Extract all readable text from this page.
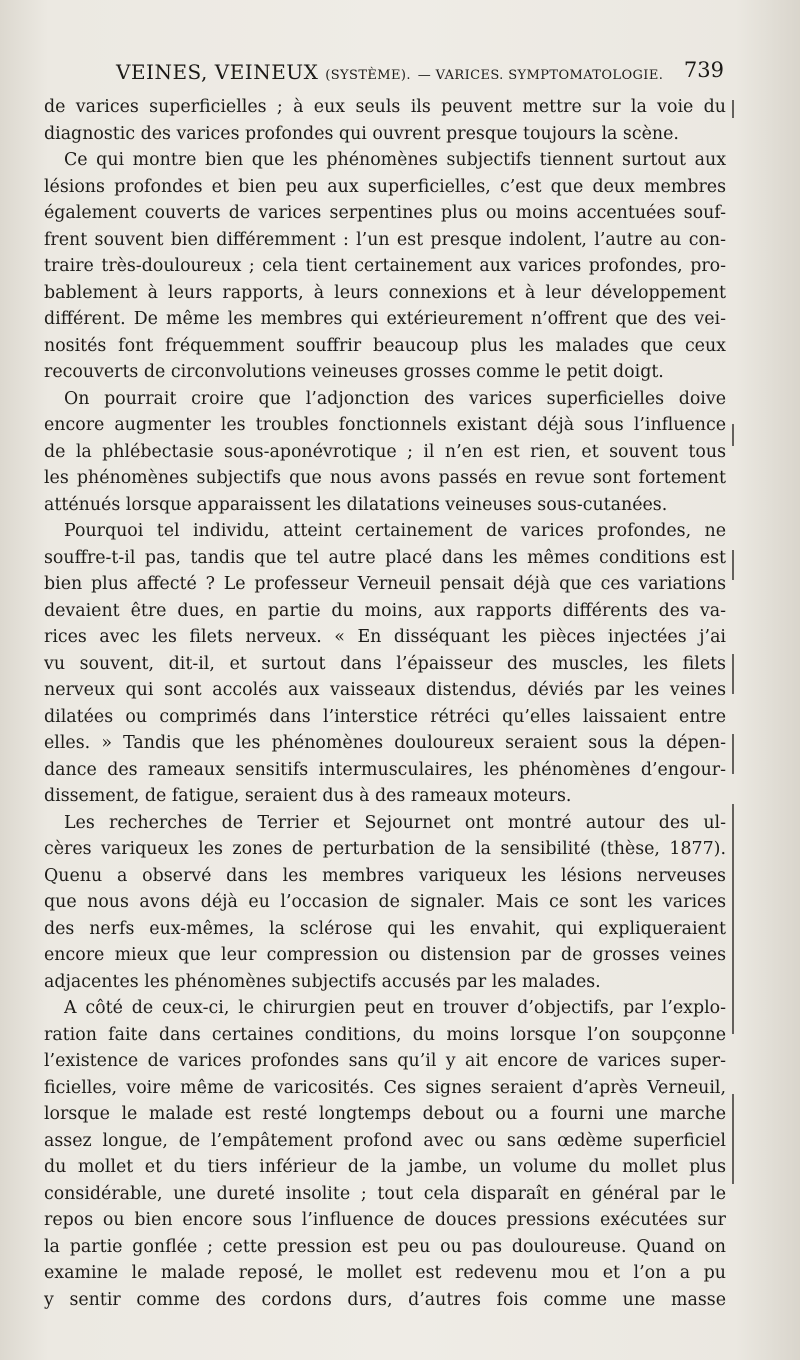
VEINES, VEINEUX (SYSTÈME). — VARICES. SYMPTOMATOLOGIE. 739
de varices superficielles ; à eux seuls ils peuvent mettre sur la voie du
diagnostic des varices profondes qui ouvrent presque toujours la scène.
Ce qui montre bien que les phénomènes subjectifs tiennent surtout aux
lésions profondes et bien peu aux superficielles, c’est que deux membres
également couverts de varices serpentines plus ou moins accentuées souf-
frent souvent bien différemment : l’un est presque indolent, l’autre au con-
traire très-douloureux ; cela tient certainement aux varices profondes, pro-
bablement à leurs rapports, à leurs connexions et à leur développement
différent. De même les membres qui extérieurement n’offrent que des vei-
nosités font fréquemment souffrir beaucoup plus les malades que ceux
recouverts de circonvolutions veineuses grosses comme le petit doigt.
On pourrait croire que l’adjonction des varices superficielles doive
encore augmenter les troubles fonctionnels existant déjà sous l’influence
de la phlébectasie sous-aponévrotique ; il n’en est rien, et souvent tous
les phénomènes subjectifs que nous avons passés en revue sont fortement
atténués lorsque apparaissent les dilatations veineuses sous-cutanées.
Pourquoi tel individu, atteint certainement de varices profondes, ne
souffre-t-il pas, tandis que tel autre placé dans les mêmes conditions est
bien plus affecté ? Le professeur Verneuil pensait déjà que ces variations
devaient être dues, en partie du moins, aux rapports différents des va-
rices avec les filets nerveux. « En disséquant les pièces injectées j’ai
vu souvent, dit-il, et surtout dans l’épaisseur des muscles, les filets
nerveux qui sont accolés aux vaisseaux distendus, déviés par les veines
dilatées ou comprimés dans l’interstice rétréci qu’elles laissaient entre
elles. » Tandis que les phénomènes douloureux seraient sous la dépen-
dance des rameaux sensitifs intermusculaires, les phénomènes d’engour-
dissement, de fatigue, seraient dus à des rameaux moteurs.
Les recherches de Terrier et Sejournet ont montré autour des ul-
cères variqueux les zones de perturbation de la sensibilité (thèse, 1877).
Quenu a observé dans les membres variqueux les lésions nerveuses
que nous avons déjà eu l’occasion de signaler. Mais ce sont les varices
des nerfs eux-mêmes, la sclérose qui les envahit, qui expliqueraient
encore mieux que leur compression ou distension par de grosses veines
adjacentes les phénomènes subjectifs accusés par les malades.
A côté de ceux-ci, le chirurgien peut en trouver d’objectifs, par l’explo-
ration faite dans certaines conditions, du moins lorsque l’on soupçonne
l’existence de varices profondes sans qu’il y ait encore de varices super-
ficielles, voire même de varicosités. Ces signes seraient d’après Verneuil,
lorsque le malade est resté longtemps debout ou a fourni une marche
assez longue, de l’empâtement profond avec ou sans œdème superficiel
du mollet et du tiers inférieur de la jambe, un volume du mollet plus
considérable, une dureté insolite ; tout cela disparaît en général par le
repos ou bien encore sous l’influence de douces pressions exécutées sur
la partie gonflée ; cette pression est peu ou pas douloureuse. Quand on
examine le malade reposé, le mollet est redevenu mou et l’on a pu
y sentir comme des cordons durs, d’autres fois comme une masse
